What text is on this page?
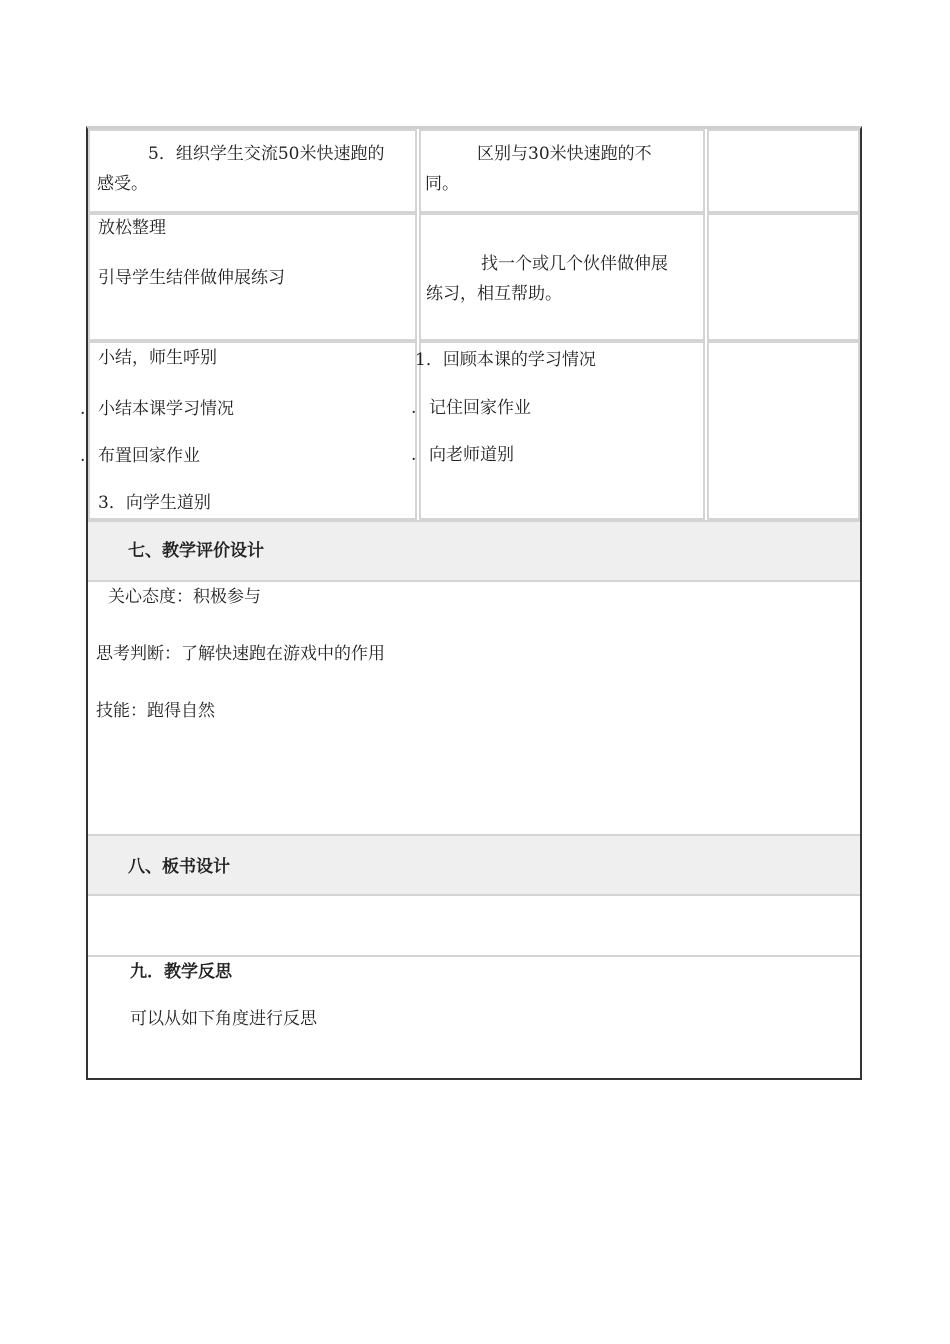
5．组织学生交流50米快速跑的
感受。
区别与30米快速跑的不
同。
放松整理
引导学生结伴做伸展练习
找一个或几个伙伴做伸展
练习，相互帮助。
小结，师生呼别
小结本课学习情况
布置回家作业
3．向学生道别
.
.
1．回顾本课的学习情况
记住回家作业
向老师道别
.
.
七、教学评价设计
关心态度：积极参与
思考判断：了解快速跑在游戏中的作用
技能：跑得自然
八、板书设计
九．教学反思
可以从如下角度进行反思
